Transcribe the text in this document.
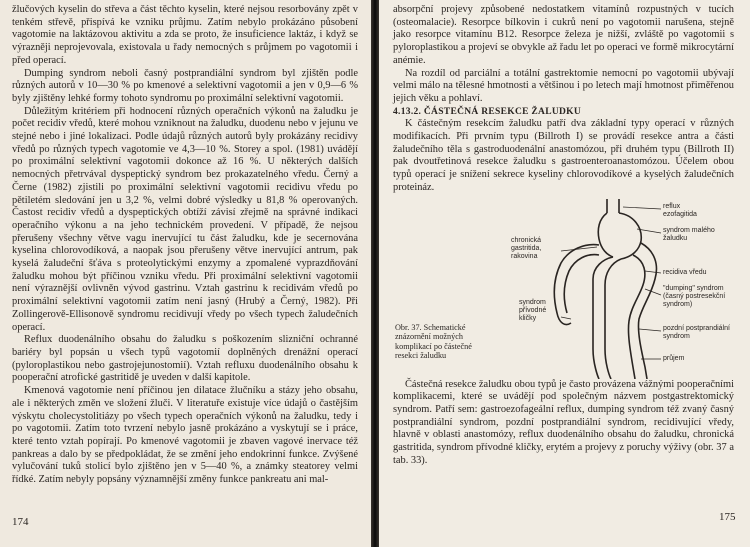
žlučových kyselin do střeva a část těchto kyselin, které nejsou resorbovány zpět v tenkém střevě, přispívá ke vzniku průjmu. Zatím nebylo prokázáno působení vagotomie na laktázovou aktivitu a zda se proto, že insuficience laktáz, i když se výrazněji neprojevovala, existovala u řady nemocných s průjmem po vagotomii i před operací.

Dumping syndrom neboli časný postprandiální syndrom byl zjištěn podle různých autorů v 10—30 % po kmenové a selektivní vagotomii a jen v 0,9—6 % byly zjištěny lehké formy tohoto syndromu po proximální selektivní vagotomii.

Důležitým kritériem při hodnocení různých operačních výkonů na žaludku je počet recidiv vředů, které mohou vzniknout na žaludku, duodenu nebo v jejunu ve stejné nebo i jiné lokalizaci. Podle údajů různých autorů byly prokázány recidivy vředů po různých typech vagotomie ve 4,3—10 %. Storey a spol. (1981) uvádějí po proximální selektivní vagotomii dokonce až 16 %. U některých dalších nemocných přetrvával dyspeptický syndrom bez prokazatelného vředu. Černý a Černe (1982) zjistili po proximální selektivní vagotomii recidivu vředu po pětiletém sledování jen u 3,2 %, velmi dobré výsledky u 81,8 % operovaných. Častost recidiv vředů a dyspeptických obtíží závisí zřejmě na správné indikaci operačního výkonu a na jeho technickém provedení. V případě, že nejsou přerušeny všechny větve vagu inervující tu část žaludku, kde je secernována kyselina chlorovodíková, a naopak jsou přerušeny větve inervující antrum, pak kyselá žaludeční šťáva s proteolytickými enzymy a zpomalené vyprazdňování žaludku mohou být příčinou vzniku vředu. Při proximální selektivní vagotomii není výraznější ovlivněn vývod gastrinu. Vztah gastrinu k recidivám vředů po proximální selektivní vagotomii zatím není jasný (Hrubý a Černý, 1982). Při Zollingerově-Ellisonově syndromu recidivují vředy po všech typech žaludečních operací.

Reflux duodenálního obsahu do žaludku s poškozením slizniční ochranné bariéry byl popsán u všech typů vagotomií doplněných drenážní operací (pyloroplastikou nebo gastrojejunostomií). Vztah refluxu duodenálního obsahu k pooperační atrofické gastritidě je uveden v další kapitole.

Kmenová vagotomie není příčinou jen dilatace žlučníku a stázy jeho obsahu, ale i některých změn ve složení žluči. V literatuře existuje více údajů o častějším výskytu cholecystolitiázy po všech typech operačních výkonů na žaludku, tedy i po vagotomii. Zatím toto tvrzení nebylo jasně prokázáno a vyskytují se i práce, které tento vztah popírají. Po kmenové vagotomii je zbaven vagové inervace též pankreas a dalo by se předpokládat, že se změní jeho endokrinní funkce. Zvýšené vylučování tuků stolicí bylo zjištěno jen v 5—40 %, a známky steatorey velmi řídké. Zatím nebyly popsány významnější změny funkce pankreatu ani mal-

174

absorpční projevy způsobené nedostatkem vitamínů rozpustných v tucích (osteomalacie). Resorpce bílkovin i cukrů není po vagotomii narušena, stejně jako resorpce vitamínu B12. Resorpce železa je nižší, zvláště po vagotomii s pyloroplastikou a projeví se obvykle až řadu let po operaci ve formě mikrocytární anémie.

Na rozdíl od parciální a totální gastrektomie nemocní po vagotomii ubývají velmi málo na tělesné hmotnosti a většinou i po letech mají hmotnost přiměřenou jejich věku a pohlaví.

4.13.2. ČÁSTEČNÁ RESEKCE ŽALUDKU

K částečným resekcím žaludku patří dva základní typy operací v různých modifikacích. Při prvním typu (Billroth I) se provádí resekce antra a části žaludečního těla s gastroduodenální anastomózou, při druhém typu (Billroth II) pak dvoutřetinová resekce žaludku s gastroenteroanastomózou. Účelem obou typů operací je snížení sekrece kyseliny chlorovodíkové a kyselých žaludečních proteináz.

reflux
ezofagitida
syndrom malého
žaludku
chronická
gastritida,
rakovina
recidiva vředu
"dumping" syndrom
(časný postresekční
syndrom)
syndrom
přívodné
kličky
pozdní postprandiální
syndrom
průjem
Obr. 37. Schematické znázornění možných komplikací po částečné resekci žaludku

Částečná resekce žaludku obou typů je často provázena vážnými pooperačními komplikacemi, které se uvádějí pod společným názvem postgastrektomický syndrom. Patří sem: gastroezofageální reflux, dumping syndrom též zvaný časný postprandiální syndrom, pozdní postprandiální syndrom, recidivující vředy, hlavně v oblasti anastomózy, reflux duodenálního obsahu do žaludku, chronická gastritida, syndrom přívodné kličky, erytém a projevy z poruchy výživy (obr. 37 a tab. 33).

175
